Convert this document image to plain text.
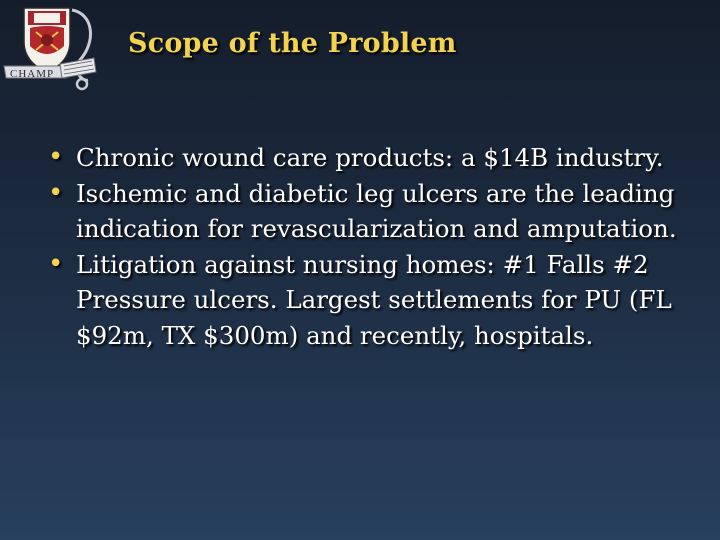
CHAMP
Scope of the Problem
• Chronic wound care products: a $14B industry.
• Ischemic and diabetic leg ulcers are the leading indication for revascularization and amputation.
• Litigation against nursing homes: #1 Falls #2 Pressure ulcers. Largest settlements for PU (FL $92m, TX $300m) and recently, hospitals.
